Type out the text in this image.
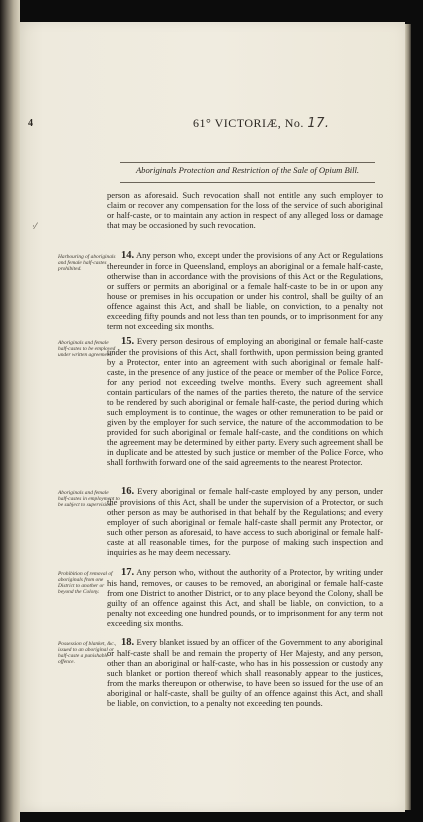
·⁄
4	61° VICTORIÆ, No. 17.
Aboriginals Protection and Restriction of the Sale of Opium Bill.

person as aforesaid. Such revocation shall not entitle any such employer to claim or recover any compensation for the loss of the service of such aboriginal or half-caste, or to maintain any action in respect of any alleged loss or damage that may be occasioned by such revocation.

Harbouring of aboriginals and female half-castes prohibited.

14. Any person who, except under the provisions of any Act or Regulations thereunder in force in Queensland, employs an aboriginal or a female half-caste, otherwise than in accordance with the provisions of this Act or the Regulations, or suffers or permits an aboriginal or a female half-caste to be in or upon any house or premises in his occupation or under his control, shall be guilty of an offence against this Act, and shall be liable, on conviction, to a penalty not exceeding fifty pounds and not less than ten pounds, or to imprisonment for any term not exceeding six months.

Aboriginals and female half-castes to be employed under written agreement.

15. Every person desirous of employing an aboriginal or female half-caste under the provisions of this Act, shall forthwith, upon permission being granted by a Protector, enter into an agreement with such aboriginal or female half-caste, in the presence of any justice of the peace or member of the Police Force, for any period not exceeding twelve months. Every such agreement shall contain particulars of the names of the parties thereto, the nature of the service to be rendered by such aboriginal or female half-caste, the period during which such employment is to continue, the wages or other remuneration to be paid or given by the employer for such service, the nature of the accommodation to be provided for such aboriginal or female half-caste, and the conditions on which the agreement may be determined by either party. Every such agreement shall be in duplicate and be attested by such justice or member of the Police Force, who shall forthwith forward one of the said agreements to the nearest Protector.

Aboriginals and female half-castes in employment to be subject to supervision.

16. Every aboriginal or female half-caste employed by any person, under the provisions of this Act, shall be under the supervision of a Protector, or such other person as may be authorised in that behalf by the Regulations; and every employer of such aboriginal or female half-caste shall permit any Protector, or such other person as aforesaid, to have access to such aboriginal or female half-caste at all reasonable times, for the purpose of making such inspection and inquiries as he may deem necessary.

Prohibition of removal of aboriginals from one District to another or beyond the Colony.

17. Any person who, without the authority of a Protector, by writing under his hand, removes, or causes to be removed, an aboriginal or female half-caste from one District to another District, or to any place beyond the Colony, shall be guilty of an offence against this Act, and shall be liable, on conviction, to a penalty not exceeding one hundred pounds, or to imprisonment for any term not exceeding six months.

Possession of blanket, &c., issued to an aboriginal or half-caste a punishable offence.

18. Every blanket issued by an officer of the Government to any aboriginal or half-caste shall be and remain the property of Her Majesty, and any person, other than an aboriginal or half-caste, who has in his possession or custody any such blanket or portion thereof which shall reasonably appear to the justices, from the marks thereupon or otherwise, to have been so issued for the use of an aboriginal or half-caste, shall be guilty of an offence against this Act, and shall be liable, on conviction, to a penalty not exceeding ten pounds.
